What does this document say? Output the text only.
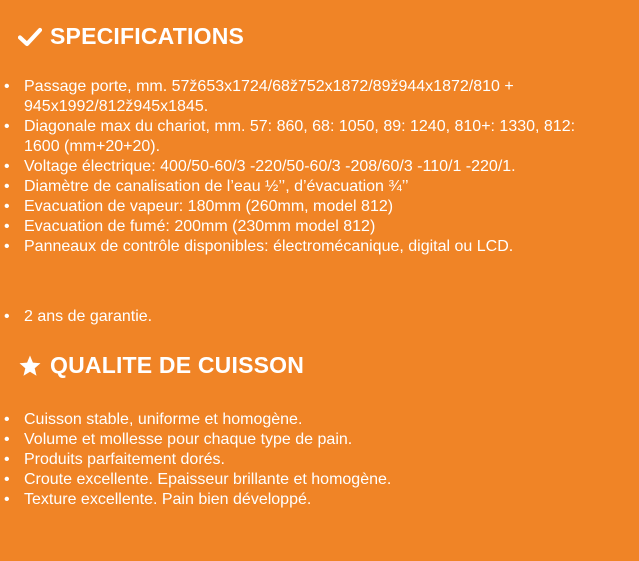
SPECIFICATIONS
• Passage porte, mm. 57ž653x1724/68ž752x1872/89ž944x1872/810 + 945x1992/812ž945x1845.
• Diagonale max du chariot, mm. 57: 860, 68: 1050, 89: 1240, 810+: 1330, 812: 1600 (mm+20+20).
• Voltage électrique: 400/50-60/3 -220/50-60/3 -208/60/3 -110/1 -220/1.
• Diamètre de canalisation de l’eau ½’’, d’évacuation ¾’’
• Evacuation de vapeur: 180mm (260mm, model 812)
• Evacuation de fumé: 200mm (230mm model 812)
• Panneaux de contrôle disponibles: électromécanique, digital ou LCD.
• 2 ans de garantie.
QUALITE DE CUISSON
• Cuisson stable, uniforme et homogène.
• Volume et mollesse pour chaque type de pain.
• Produits parfaitement dorés.
• Croute excellente. Epaisseur brillante et homogène.
• Texture excellente. Pain bien développé.
